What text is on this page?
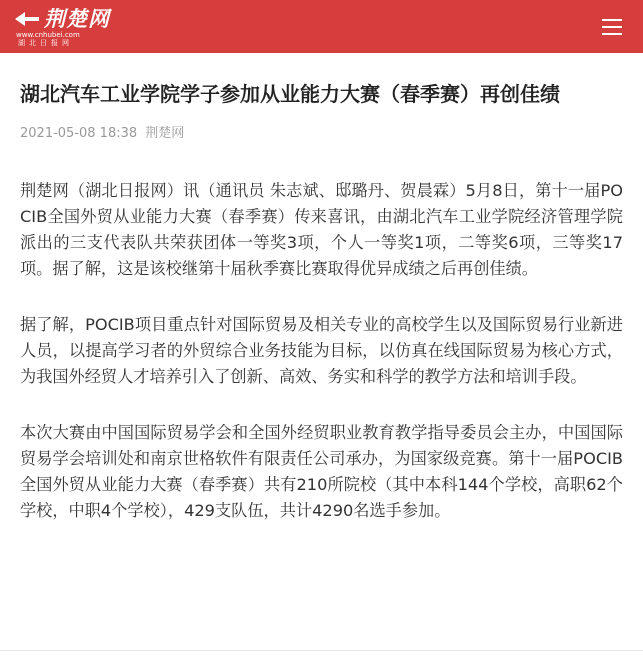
荆楚网
www.cnhubei.com
湖北日报网
湖北汽车工业学院学子参加从业能力大赛（春季赛）再创佳绩
2021-05-08 18:38 荆楚网

荆楚网（湖北日报网）讯（通讯员 朱志斌、邸璐丹、贺晨霖）5月8日，第十一届POCIB全国外贸从业能力大赛（春季赛）传来喜讯，由湖北汽车工业学院经济管理学院派出的三支代表队共荣获团体一等奖3项，个人一等奖1项，二等奖6项，三等奖17项。据了解，这是该校继第十届秋季赛比赛取得优异成绩之后再创佳绩。

据了解，POCIB项目重点针对国际贸易及相关专业的高校学生以及国际贸易行业新进人员，以提高学习者的外贸综合业务技能为目标，以仿真在线国际贸易为核心方式，为我国外经贸人才培养引入了创新、高效、务实和科学的教学方法和培训手段。

本次大赛由中国国际贸易学会和全国外经贸职业教育教学指导委员会主办，中国国际贸易学会培训处和南京世格软件有限责任公司承办，为国家级竞赛。第十一届POCIB全国外贸从业能力大赛（春季赛）共有210所院校（其中本科144个学校，高职62个学校，中职4个学校），429支队伍，共计4290名选手参加。
